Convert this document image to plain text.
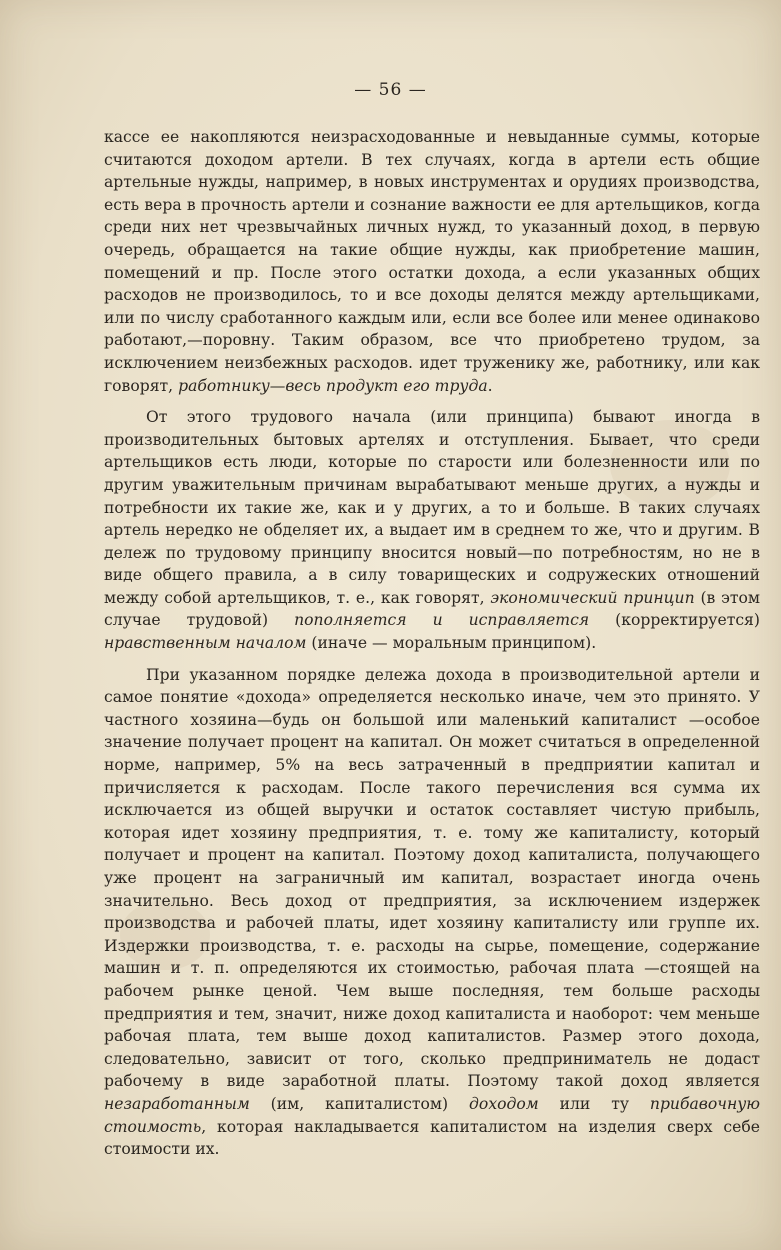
— 56 —

кассе ее накопляются неизрасходованные и невыданные суммы, которые считаются доходом артели. В тех случаях, когда в артели есть общие артельные нужды, например, в новых инструментах и орудиях производства, есть вера в прочность артели и сознание важности ее для артельщиков, когда среди них нет чрезвычайных личных нужд, то указанный доход, в первую очередь, обращается на такие общие нужды, как приобретение машин, помещений и пр. После этого остатки дохода, а если указанных общих расходов не производилось, то и все доходы делятся между артельщиками, или по числу сработанного каждым или, если все более или менее одинаково работают,—поровну. Таким образом, все что приобретено трудом, за исключением неизбежных расходов. идет труженику же, работнику, или как говорят, работнику—весь продукт его труда.

От этого трудового начала (или принципа) бывают иногда в производительных бытовых артелях и отступления. Бывает, что среди артельщиков есть люди, которые по старости или болезненности или по другим уважительным причинам вырабатывают меньше других, а нужды и потребности их такие же, как и у других, а то и больше. В таких случаях артель нередко не обделяет их, а выдает им в среднем то же, что и другим. В дележ по трудовому принципу вносится новый—по потребностям, но не в виде общего правила, а в силу товарищеских и содружеских отношений между собой артельщиков, т. е., как говорят, экономический принцип (в этом случае трудовой) пополняется и исправляется (корректируется) нравственным началом (иначе — моральным принципом).

При указанном порядке дележа дохода в производительной артели и самое понятие «дохода» определяется несколько иначе, чем это принято. У частного хозяина—будь он большой или маленький капиталист —особое значение получает процент на капитал. Он может считаться в определенной норме, например, 5% на весь затраченный в предприятии капитал и причисляется к расходам. После такого перечисления вся сумма их исключается из общей выручки и остаток составляет чистую прибыль, которая идет хозяину предприятия, т. е. тому же капиталисту, который получает и процент на капитал. Поэтому доход капиталиста, получающего уже процент на заграничный им капитал, возрастает иногда очень значительно. Весь доход от предприятия, за исключением издержек производства и рабочей платы, идет хозяину капиталисту или группе их. Издержки производства, т. е. расходы на сырье, помещение, содержание машин и т. п. определяются их стоимостью, рабочая плата —стоящей на рабочем рынке ценой. Чем выше последняя, тем больше расходы предприятия и тем, значит, ниже доход капиталиста и наоборот: чем меньше рабочая плата, тем выше доход капиталистов. Размер этого дохода, следовательно, зависит от того, сколько предприниматель не додаст рабочему в виде заработной платы. Поэтому такой доход является незаработанным (им, капиталистом) доходом или ту прибавочную стоимость, которая накладывается капиталистом на изделия сверх себе стоимости их.
